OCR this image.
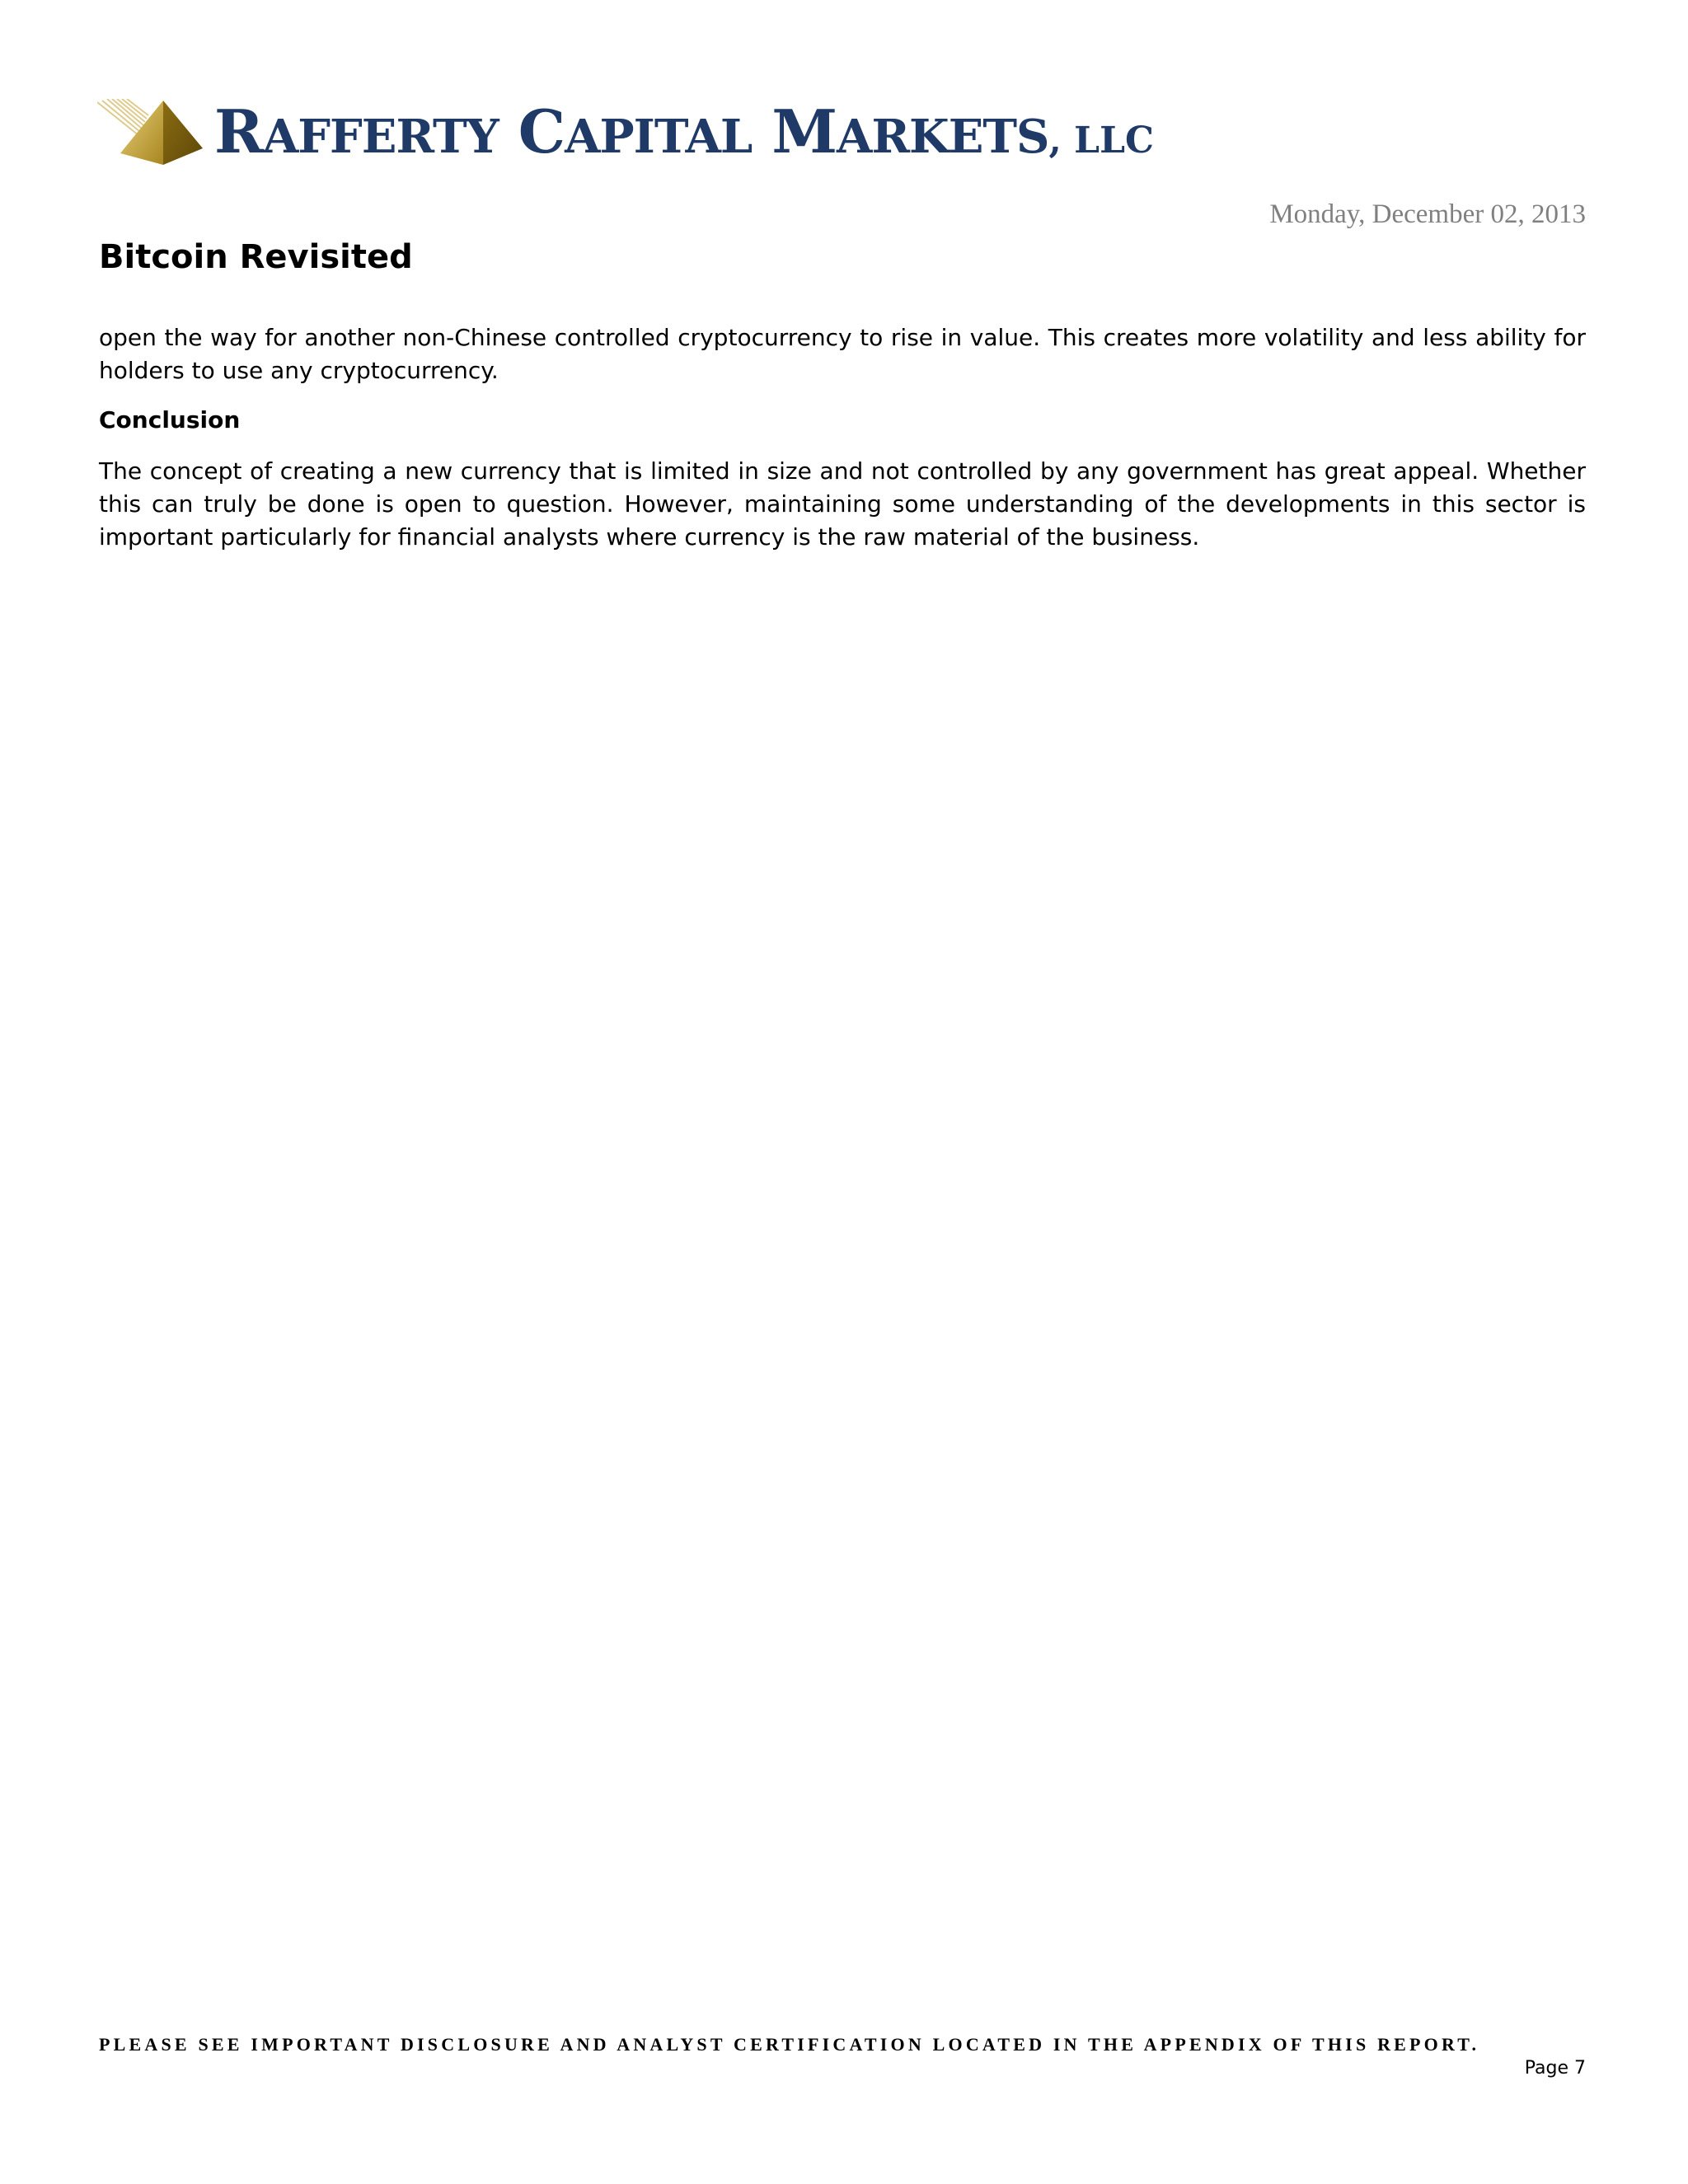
RAFFERTY CAPITAL MARKETS, LLC
Monday, December 02, 2013
Bitcoin Revisited

open the way for another non-Chinese controlled cryptocurrency to rise in value. This creates more volatility and less ability for holders to use any cryptocurrency.

Conclusion

The concept of creating a new currency that is limited in size and not controlled by any government has great appeal. Whether this can truly be done is open to question. However, maintaining some understanding of the developments in this sector is important particularly for financial analysts where currency is the raw material of the business.

PLEASE SEE IMPORTANT DISCLOSURE AND ANALYST CERTIFICATION LOCATED IN THE APPENDIX OF THIS REPORT.
Page 7
